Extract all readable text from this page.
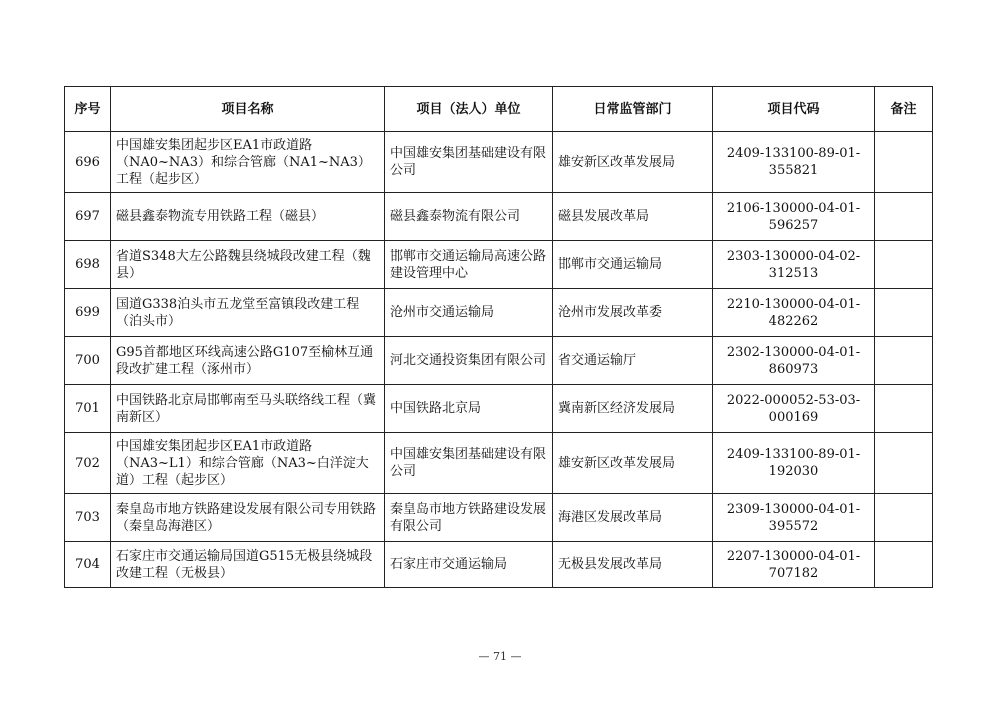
序号	项目名称	项目（法人）单位	日常监管部门	项目代码	备注
696	中国雄安集团起步区EA1市政道路（NA0~NA3）和综合管廊（NA1~NA3）工程（起步区）	中国雄安集团基础建设有限公司	雄安新区改革发展局	2409-133100-89-01-355821	
697	磁县鑫泰物流专用铁路工程（磁县）	磁县鑫泰物流有限公司	磁县发展改革局	2106-130000-04-01-596257	
698	省道S348大左公路魏县绕城段改建工程（魏县）	邯郸市交通运输局高速公路建设管理中心	邯郸市交通运输局	2303-130000-04-02-312513	
699	国道G338泊头市五龙堂至富镇段改建工程（泊头市）	沧州市交通运输局	沧州市发展改革委	2210-130000-04-01-482262	
700	G95首都地区环线高速公路G107至榆林互通段改扩建工程（涿州市）	河北交通投资集团有限公司	省交通运输厅	2302-130000-04-01-860973	
701	中国铁路北京局邯郸南至马头联络线工程（冀南新区）	中国铁路北京局	冀南新区经济发展局	2022-000052-53-03-000169	
702	中国雄安集团起步区EA1市政道路（NA3~L1）和综合管廊（NA3~白洋淀大道）工程（起步区）	中国雄安集团基础建设有限公司	雄安新区改革发展局	2409-133100-89-01-192030	
703	秦皇岛市地方铁路建设发展有限公司专用铁路（秦皇岛海港区）	秦皇岛市地方铁路建设发展有限公司	海港区发展改革局	2309-130000-04-01-395572	
704	石家庄市交通运输局国道G515无极县绕城段改建工程（无极县）	石家庄市交通运输局	无极县发展改革局	2207-130000-04-01-707182	
— 71 —
